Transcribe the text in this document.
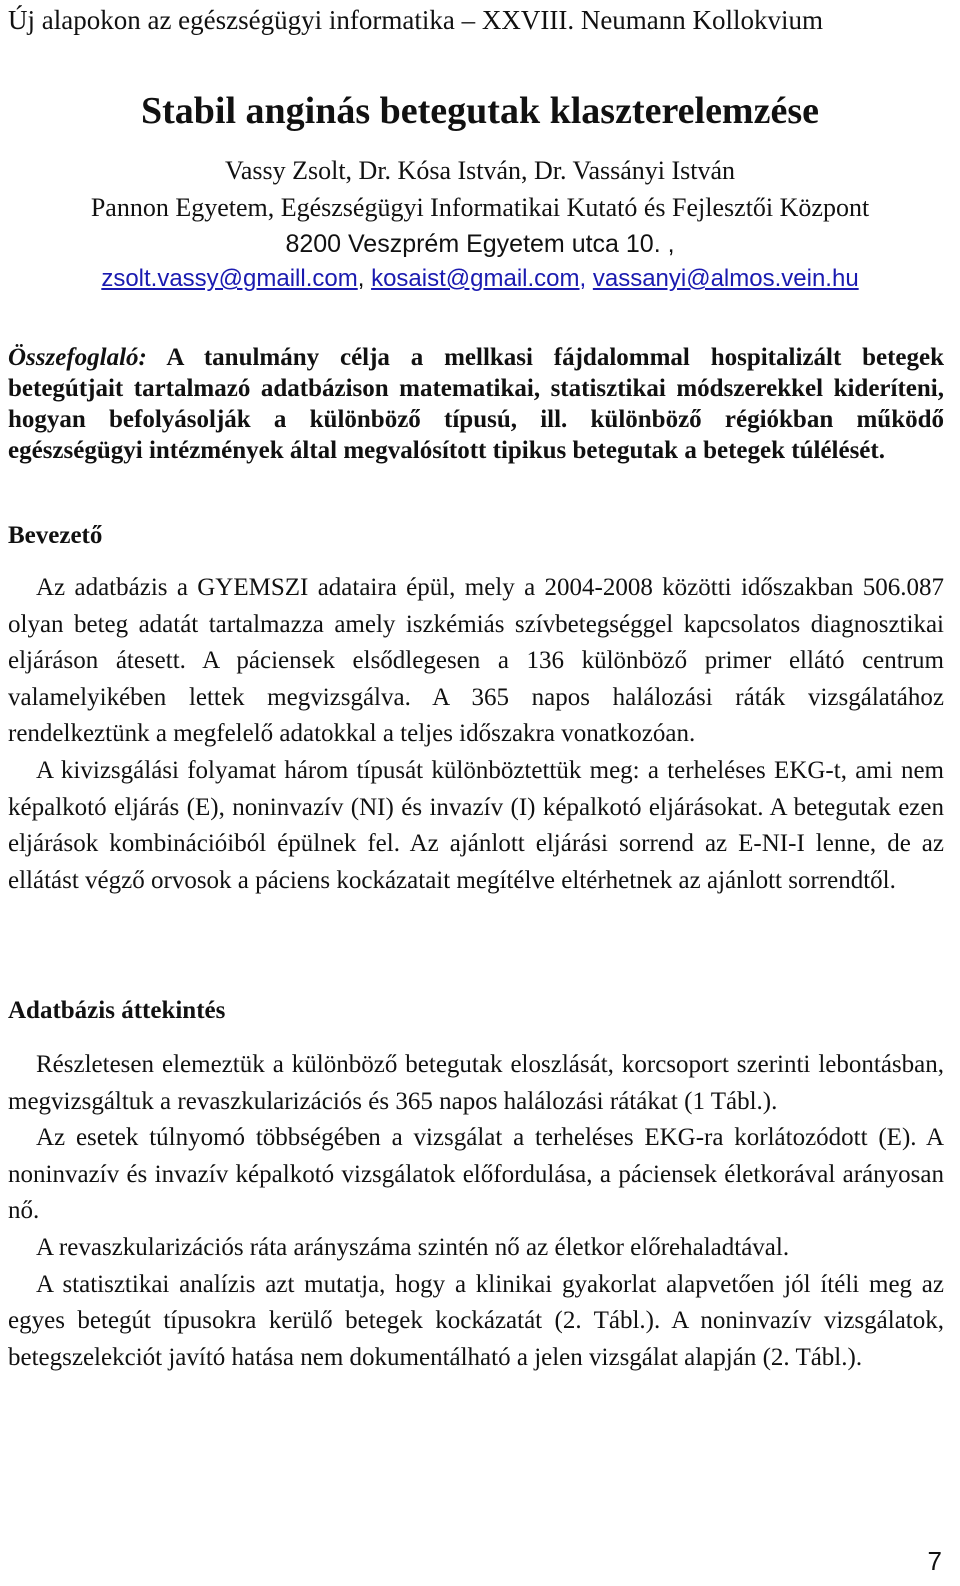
Új alapokon az egészségügyi informatika – XXVIII. Neumann Kollokvium
Stabil anginás betegutak klaszterelemzése
Vassy Zsolt, Dr. Kósa István, Dr. Vassányi István
Pannon Egyetem, Egészségügyi Informatikai Kutató és Fejlesztői Központ
8200 Veszprém Egyetem utca 10. ,
zsolt.vassy@gmaill.com, kosaist@gmail.com, vassanyi@almos.vein.hu

Összefoglaló: A tanulmány célja a mellkasi fájdalommal hospitalizált betegek betegútjait tartalmazó adatbázison matematikai, statisztikai módszerekkel kideríteni, hogyan befolyásolják a különböző típusú, ill. különböző régiókban működő egészségügyi intézmények által megvalósított tipikus betegutak a betegek túlélését.

Bevezető

Az adatbázis a GYEMSZI adataira épül, mely a 2004-2008 közötti időszakban 506.087 olyan beteg adatát tartalmazza amely iszkémiás szívbetegséggel kapcsolatos diagnosztikai eljáráson átesett. A páciensek elsődlegesen a 136 különböző primer ellátó centrum valamelyikében lettek megvizsgálva. A 365 napos halálozási ráták vizsgálatához rendelkeztünk a megfelelő adatokkal a teljes időszakra vonatkozóan.

A kivizsgálási folyamat három típusát különböztettük meg: a terheléses EKG-t, ami nem képalkotó eljárás (E), noninvazív (NI) és invazív (I) képalkotó eljárásokat. A betegutak ezen eljárások kombinációiból épülnek fel. Az ajánlott eljárási sorrend az E-NI-I lenne, de az ellátást végző orvosok a páciens kockázatait megítélve eltérhetnek az ajánlott sorrendtől.

Adatbázis áttekintés

Részletesen elemeztük a különböző betegutak eloszlását, korcsoport szerinti lebontásban, megvizsgáltuk a revaszkularizációs és 365 napos halálozási rátákat (1 Tábl.).

Az esetek túlnyomó többségében a vizsgálat a terheléses EKG-ra korlátozódott (E). A noninvazív és invazív képalkotó vizsgálatok előfordulása, a páciensek életkorával arányosan nő.

A revaszkularizációs ráta arányszáma szintén nő az életkor előrehaladtával.

A statisztikai analízis azt mutatja, hogy a klinikai gyakorlat alapvetően jól ítéli meg az egyes betegút típusokra kerülő betegek kockázatát (2. Tábl.). A noninvazív vizsgálatok, betegszelekciót javító hatása nem dokumentálható a jelen vizsgálat alapján (2. Tábl.).

7
